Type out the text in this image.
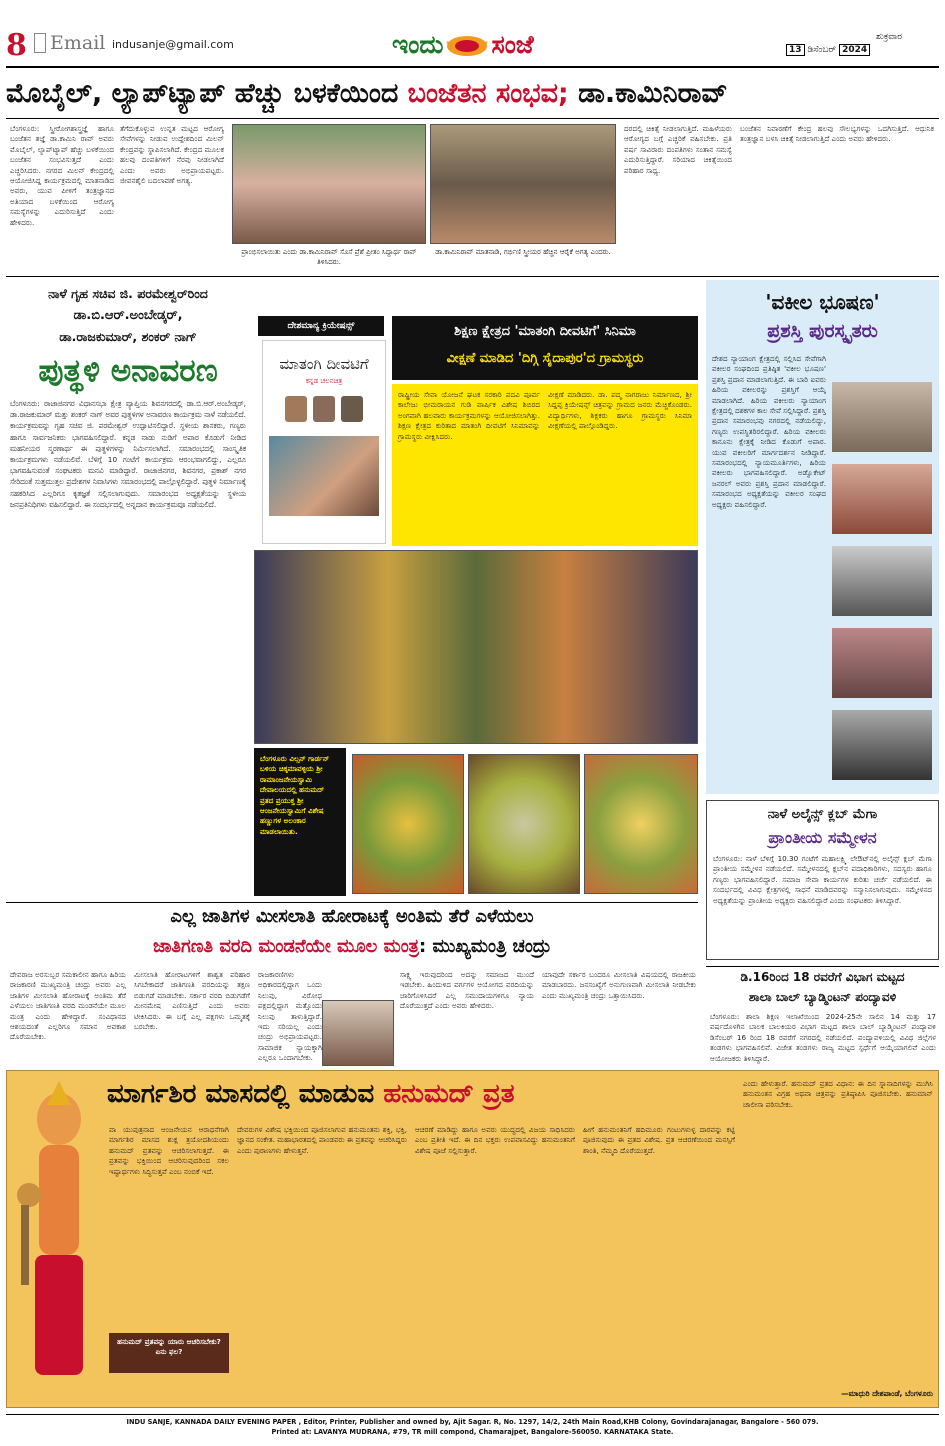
8 Email indusanje@gmail.com	ಇಂದು ಸಂಜೆ	ಶುಕ್ರವಾರ
13 ಡಿಸೆಂಬರ್ 2024
ಮೊಬೈಲ್, ಲ್ಯಾಪ್‌ಟ್ಯಾಪ್ ಹೆಚ್ಚು ಬಳಕೆಯಿಂದ ಬಂಜೆತನ ಸಂಭವ; ಡಾ.ಕಾಮಿನಿರಾವ್
ಬೆಂಗಳೂರು: ಸ್ತ್ರೀರೋಗಶಾಸ್ತ್ರಜ್ಞೆ ಹಾಗೂ ಬಂಜೆತನ ತಜ್ಞೆ ಡಾ.ಕಾಮಿನಿ ರಾವ್ ಅವರು ಮೊಬೈಲ್, ಲ್ಯಾಪ್‌ಟ್ಯಾಪ್ ಹೆಚ್ಚು ಬಳಕೆಯಿಂದ ಬಂಜೆತನ ಸಂಭವಿಸುತ್ತದೆ ಎಂದು ಎಚ್ಚರಿಸಿದರು. ನಗರದ ಮಿಲನ್ ಕೇಂದ್ರದಲ್ಲಿ ಆಯೋಜಿಸಿದ್ದ ಕಾರ್ಯಕ್ರಮದಲ್ಲಿ ಮಾತನಾಡಿದ ಅವರು, ಯುವ ಪೀಳಿಗೆ ತಂತ್ರಜ್ಞಾನದ ಅತಿಯಾದ ಬಳಕೆಯಿಂದ ಆರೋಗ್ಯ ಸಮಸ್ಯೆಗಳನ್ನು ಎದುರಿಸುತ್ತಿದೆ ಎಂದು ಹೇಳಿದರು.
ತೆಗೆದುಕೊಳ್ಳುವ ಉನ್ನತ ಮಟ್ಟದ ಆರೋಗ್ಯ ಸೇವೆಗಳನ್ನು ನೀಡುವ ಉದ್ದೇಶದಿಂದ ಮಿಲನ್ ಕೇಂದ್ರವನ್ನು ಸ್ಥಾಪಿಸಲಾಗಿದೆ. ಕೇಂದ್ರದ ಮೂಲಕ ಹಲವು ದಂಪತಿಗಳಿಗೆ ನೆರವು ನೀಡಲಾಗಿದೆ ಎಂದು ಅವರು ಅಭಿಪ್ರಾಯಪಟ್ಟರು. ಜೀವನಶೈಲಿ ಬದಲಾವಣೆ ಅಗತ್ಯ.
ಪ್ರಾಂಭಿಸಲಾಯಿತು ಎಂದು ಡಾ.ಕಾಮಿನಿರಾವ್ ಸೊಸೆ ಪ್ರೆಶೆ ಪ್ರೀತಂ ಸಿದ್ದಾರ್ಥ ರಾವ್ ತಿಳಿಸಿದರು.
ಡಾ.ಕಾಮಿನಿರಾವ್ ಮಾತನಾಡಿ, ಗರ್ಭಿಣಿ ಸ್ತ್ರೀಯರ ಹೆಚ್ಚಿನ ಆರೈಕೆ ಅಗತ್ಯ ಎಂದರು.
ದರದಲ್ಲಿ ಚಿಕಿತ್ಸೆ ನೀಡಲಾಗುತ್ತಿದೆ. ಮಹಿಳೆಯರು ಆರೋಗ್ಯದ ಬಗ್ಗೆ ಎಚ್ಚರಿಕೆ ವಹಿಸಬೇಕು. ಪ್ರತಿ ವರ್ಷ ಸಾವಿರಾರು ದಂಪತಿಗಳು ಸಂತಾನ ಸಮಸ್ಯೆ ಎದುರಿಸುತ್ತಿದ್ದಾರೆ. ಸರಿಯಾದ ಚಿಕಿತ್ಸೆಯಿಂದ ಪರಿಹಾರ ಸಾಧ್ಯ.
ಬಂಜೆತನ ನಿವಾರಣೆಗೆ ಕೇಂದ್ರ ಹಲವು ಸೌಲಭ್ಯಗಳನ್ನು ಒದಗಿಸುತ್ತಿದೆ. ಆಧುನಿಕ ತಂತ್ರಜ್ಞಾನ ಬಳಸಿ ಚಿಕಿತ್ಸೆ ನೀಡಲಾಗುತ್ತಿದೆ ಎಂದು ಅವರು ಹೇಳಿದರು.
ನಾಳೆ ಗೃಹ ಸಚಿವ ಜಿ. ಪರಮೇಶ್ವರ್‌ರಿಂದ
ಡಾ.ಬಿ.ಆರ್.ಅಂಬೇಡ್ಕರ್,
ಡಾ.ರಾಜಕುಮಾರ್, ಶಂಕರ್ ನಾಗ್
ಪುತ್ಥಳಿ ಅನಾವರಣ
ಬೆಂಗಳೂರು: ರಾಜಾಜಿನಗರ ವಿಧಾನಸಭಾ ಕ್ಷೇತ್ರ ವ್ಯಾಪ್ತಿಯ ಶಿವನಗರದಲ್ಲಿ ಡಾ.ಬಿ.ಆರ್.ಅಂಬೇಡ್ಕರ್, ಡಾ.ರಾಜಕುಮಾರ್ ಮತ್ತು ಶಂಕರ್ ನಾಗ್ ಅವರ ಪುತ್ಥಳಿಗಳ ಅನಾವರಣ ಕಾರ್ಯಕ್ರಮ ನಾಳೆ ನಡೆಯಲಿದೆ. ಕಾರ್ಯಕ್ರಮವನ್ನು ಗೃಹ ಸಚಿವ ಜಿ. ಪರಮೇಶ್ವರ್ ಉದ್ಘಾಟಿಸಲಿದ್ದಾರೆ. ಸ್ಥಳೀಯ ಶಾಸಕರು, ಗಣ್ಯರು ಹಾಗೂ ಸಾರ್ವಜನಿಕರು ಭಾಗವಹಿಸಲಿದ್ದಾರೆ. ಕನ್ನಡ ನಾಡು ನುಡಿಗೆ ಅಪಾರ ಕೊಡುಗೆ ನೀಡಿದ ಮಹನೀಯರ ಸ್ಮರಣಾರ್ಥ ಈ ಪುತ್ಥಳಿಗಳನ್ನು ನಿರ್ಮಿಸಲಾಗಿದೆ. ಸಮಾರಂಭದಲ್ಲಿ ಸಾಂಸ್ಕೃತಿಕ ಕಾರ್ಯಕ್ರಮಗಳು ನಡೆಯಲಿವೆ. ಬೆಳಿಗ್ಗೆ 10 ಗಂಟೆಗೆ ಕಾರ್ಯಕ್ರಮ ಆರಂಭವಾಗಲಿದ್ದು, ಎಲ್ಲರೂ ಭಾಗವಹಿಸುವಂತೆ ಸಂಘಟಕರು ಮನವಿ ಮಾಡಿದ್ದಾರೆ. ರಾಜಾಜಿನಗರ, ಶಿವನಗರ, ಪ್ರಕಾಶ್ ನಗರ ಸೇರಿದಂತೆ ಸುತ್ತಮುತ್ತಲ ಪ್ರದೇಶಗಳ ನಿವಾಸಿಗಳು ಸಮಾರಂಭದಲ್ಲಿ ಪಾಲ್ಗೊಳ್ಳಲಿದ್ದಾರೆ. ಪುತ್ಥಳಿ ನಿರ್ಮಾಣಕ್ಕೆ ಸಹಕರಿಸಿದ ಎಲ್ಲರಿಗೂ ಕೃತಜ್ಞತೆ ಸಲ್ಲಿಸಲಾಗುವುದು. ಸಮಾರಂಭದ ಅಧ್ಯಕ್ಷತೆಯನ್ನು ಸ್ಥಳೀಯ ಜನಪ್ರತಿನಿಧಿಗಳು ವಹಿಸಲಿದ್ದಾರೆ. ಈ ಸಂದರ್ಭದಲ್ಲಿ ಅನ್ನದಾನ ಕಾರ್ಯಕ್ರಮವೂ ನಡೆಯಲಿದೆ.
ದೇಶಮಾನ್ಯ ಕ್ರಿಯೇಷನ್ಸ್
ಮಾತಂಗಿ ದೀವಟಿಗೆ
ಕನ್ನಡ ಚಲನಚಿತ್ರ
ಶಿಕ್ಷಣ ಕ್ಷೇತ್ರದ 'ಮಾತಂಗಿ ದೀವಟಿಗೆ' ಸಿನಿಮಾ
ವೀಕ್ಷಣೆ ಮಾಡಿದ 'ದಿಗ್ಗಿ ಸೈದಾಪುರ'ದ ಗ್ರಾಮಸ್ಥರು
ರಾಷ್ಟ್ರೀಯ ಸೇವಾ ಯೋಜನೆ ಘಟಕ ಸರಕಾರಿ ಪದವಿ ಪೂರ್ವ ಕಾಲೇಜು ಭೀಮರಾಯನ ಗುಡಿ ವಾರ್ಷಿಕ ವಿಶೇಷ ಶಿಬಿರದ ಅಂಗವಾಗಿ ಹಲವಾರು ಕಾರ್ಯಕ್ರಮಗಳನ್ನು ಆಯೋಜಿಸಲಾಗಿತ್ತು. ಶಿಕ್ಷಣ ಕ್ಷೇತ್ರದ ಕುರಿತಾದ ಮಾತಂಗಿ ದೀವಟಿಗೆ ಸಿನಿಮಾವನ್ನು ಗ್ರಾಮಸ್ಥರು ವೀಕ್ಷಿಸಿದರು.
ವೀಕ್ಷಣೆ ಮಾಡಿದರು. ಡಾ. ಪದ್ಮ ನಾಗರಾಜು ನಿರ್ಮಾಣದ, ಶ್ರೀ ಸಿದ್ದಪ್ಪ ಕ್ರಿಯೇಷನ್ಸ್ ಚಿತ್ರವನ್ನು ಗ್ರಾಮದ ಜನರು ಮೆಚ್ಚಿಕೊಂಡರು. ವಿದ್ಯಾರ್ಥಿಗಳು, ಶಿಕ್ಷಕರು ಹಾಗೂ ಗ್ರಾಮಸ್ಥರು ಸಿನಿಮಾ ವೀಕ್ಷಣೆಯಲ್ಲಿ ಪಾಲ್ಗೊಂಡಿದ್ದರು.
'ವಕೀಲ ಭೂಷಣ'
ಪ್ರಶಸ್ತಿ ಪುರಸ್ಕೃತರು
ದೇಶದ ನ್ಯಾಯಾಂಗ ಕ್ಷೇತ್ರದಲ್ಲಿ ಸಲ್ಲಿಸಿದ ಸೇವೆಗಾಗಿ ವಕೀಲರ ಸಂಘದಿಂದ ಪ್ರತಿಷ್ಠಿತ 'ವಕೀಲ ಭೂಷಣ' ಪ್ರಶಸ್ತಿ ಪ್ರದಾನ ಮಾಡಲಾಗುತ್ತಿದೆ. ಈ ಬಾರಿ ಐವರು ಹಿರಿಯ ವಕೀಲರನ್ನು ಪ್ರಶಸ್ತಿಗೆ ಆಯ್ಕೆ ಮಾಡಲಾಗಿದೆ. ಹಿರಿಯ ವಕೀಲರು ನ್ಯಾಯಾಂಗ ಕ್ಷೇತ್ರದಲ್ಲಿ ದಶಕಗಳ ಕಾಲ ಸೇವೆ ಸಲ್ಲಿಸಿದ್ದಾರೆ. ಪ್ರಶಸ್ತಿ ಪ್ರದಾನ ಸಮಾರಂಭವು ನಗರದಲ್ಲಿ ನಡೆಯಲಿದ್ದು, ಗಣ್ಯರು ಉಪಸ್ಥಿತರಿರಲಿದ್ದಾರೆ. ಹಿರಿಯ ವಕೀಲರು ಕಾನೂನು ಕ್ಷೇತ್ರಕ್ಕೆ ನೀಡಿದ ಕೊಡುಗೆ ಅಪಾರ. ಯುವ ವಕೀಲರಿಗೆ ಮಾರ್ಗದರ್ಶನ ನೀಡಿದ್ದಾರೆ. ಸಮಾರಂಭದಲ್ಲಿ ನ್ಯಾಯಮೂರ್ತಿಗಳು, ಹಿರಿಯ ವಕೀಲರು ಭಾಗವಹಿಸಲಿದ್ದಾರೆ. ಅಡ್ವೊಕೇಟ್ ಜನರಲ್ ಅವರು ಪ್ರಶಸ್ತಿ ಪ್ರದಾನ ಮಾಡಲಿದ್ದಾರೆ. ಸಮಾರಂಭದ ಅಧ್ಯಕ್ಷತೆಯನ್ನು ವಕೀಲರ ಸಂಘದ ಅಧ್ಯಕ್ಷರು ವಹಿಸಲಿದ್ದಾರೆ.
ಬೆಂಗಳೂರು ವಿಲ್ಸನ್ ಗಾರ್ಡನ್ ಬಳಿಯ ಚಿಕ್ಕಮಾವಳ್ಳಿಯ ಶ್ರೀ ರಾಮಾಂಜನೇಯಸ್ವಾಮಿ ದೇವಾಲಯದಲ್ಲಿ ಹನುಮದ್ ವ್ರತದ ಪ್ರಯುಕ್ತ ಶ್ರೀ ಆಂಜನೇಯಸ್ವಾಮಿಗೆ ವಿಶೇಷ ಹಣ್ಣುಗಳ ಅಲಂಕಾರ ಮಾಡಲಾಯಿತು.
ನಾಳೆ ಅಲೈನ್ಸ್ ಕ್ಲಬ್ ಮೆಗಾ
ಪ್ರಾಂತೀಯ ಸಮ್ಮೇಳನ
ಬೆಂಗಳೂರು: ನಾಳೆ ಬೆಳಿಗ್ಗೆ 10.30 ಗಂಟೆಗೆ ಮಹಾಲಕ್ಷ್ಮಿ ಲೇಔಟ್‌ನಲ್ಲಿ ಅಲೈನ್ಸ್ ಕ್ಲಬ್ ಮೆಗಾ ಪ್ರಾಂತೀಯ ಸಮ್ಮೇಳನ ನಡೆಯಲಿದೆ. ಸಮ್ಮೇಳನದಲ್ಲಿ ಕ್ಲಬ್‌ನ ಪದಾಧಿಕಾರಿಗಳು, ಸದಸ್ಯರು ಹಾಗೂ ಗಣ್ಯರು ಭಾಗವಹಿಸಲಿದ್ದಾರೆ. ಸಮಾಜ ಸೇವಾ ಕಾರ್ಯಗಳ ಕುರಿತು ಚರ್ಚೆ ನಡೆಯಲಿದೆ. ಈ ಸಂದರ್ಭದಲ್ಲಿ ವಿವಿಧ ಕ್ಷೇತ್ರಗಳಲ್ಲಿ ಸಾಧನೆ ಮಾಡಿದವರನ್ನು ಸನ್ಮಾನಿಸಲಾಗುವುದು. ಸಮ್ಮೇಳನದ ಅಧ್ಯಕ್ಷತೆಯನ್ನು ಪ್ರಾಂತೀಯ ಅಧ್ಯಕ್ಷರು ವಹಿಸಲಿದ್ದಾರೆ ಎಂದು ಸಂಘಟಕರು ತಿಳಿಸಿದ್ದಾರೆ.
ಎಲ್ಲ ಜಾತಿಗಳ ಮೀಸಲಾತಿ ಹೋರಾಟಕ್ಕೆ ಅಂತಿಮ ತೆರೆ ಎಳೆಯಲು
ಜಾತಿಗಣತಿ ವರದಿ ಮಂಡನೆಯೇ ಮೂಲ ಮಂತ್ರ: ಮುಖ್ಯಮಂತ್ರಿ ಚಂದ್ರು
ದೇವರಾಜ ಅರಸುಬ್ಬರ ಸಮಕಾಲೀನ ಹಾಗೂ ಹಿರಿಯ ರಾಜಕಾರಣಿ ಮುಖ್ಯಮಂತ್ರಿ ಚಂದ್ರು ಅವರು ಎಲ್ಲ ಜಾತಿಗಳ ಮೀಸಲಾತಿ ಹೋರಾಟಕ್ಕೆ ಅಂತಿಮ ತೆರೆ ಎಳೆಯಲು ಜಾತಿಗಣತಿ ವರದಿ ಮಂಡನೆಯೇ ಮೂಲ ಮಂತ್ರ ಎಂದು ಹೇಳಿದ್ದಾರೆ. ಸಂವಿಧಾನದ ಆಶಯದಂತೆ ಎಲ್ಲರಿಗೂ ಸಮಾನ ಅವಕಾಶ ದೊರೆಯಬೇಕು.
ಮೀಸಲಾತಿ ಹೋರಾಟಗಳಿಗೆ ಶಾಶ್ವತ ಪರಿಹಾರ ಸಿಗಬೇಕಾದರೆ ಜಾತಿಗಣತಿ ವರದಿಯನ್ನು ತಕ್ಷಣ ಬಿಡುಗಡೆ ಮಾಡಬೇಕು. ಸರ್ಕಾರ ವರದಿ ಬಿಡುಗಡೆಗೆ ಮೀನಮೇಷ ಎಣಿಸುತ್ತಿದೆ ಎಂದು ಅವರು ಟೀಕಿಸಿದರು. ಈ ಬಗ್ಗೆ ಎಲ್ಲ ಪಕ್ಷಗಳು ಒಮ್ಮತಕ್ಕೆ ಬರಬೇಕು.
ರಾಜಕಾರಣಿಗಳು ಅಧಿಕಾರದಲ್ಲಿದ್ದಾಗ ಒಂದು ನಿಲುವು, ವಿರೋಧ ಪಕ್ಷದಲ್ಲಿದ್ದಾಗ ಮತ್ತೊಂದು ನಿಲುವು ತಾಳುತ್ತಿದ್ದಾರೆ. ಇದು ಸರಿಯಲ್ಲ ಎಂದು ಚಂದ್ರು ಅಭಿಪ್ರಾಯಪಟ್ಟರು. ಸಾಮಾಜಿಕ ನ್ಯಾಯಕ್ಕಾಗಿ ಎಲ್ಲರೂ ಒಂದಾಗಬೇಕು.
ಸಾಕ್ಷ್ಯ ಇರುವುದರಿಂದ ಅದನ್ನು ಸಮಾಜದ ಮುಂದೆ ಇಡಬೇಕು. ಹಿಂದುಳಿದ ವರ್ಗಗಳ ಆಯೋಗದ ವರದಿಯನ್ನು ಜಾರಿಗೊಳಿಸಿದರೆ ಎಲ್ಲ ಸಮುದಾಯಗಳಿಗೂ ನ್ಯಾಯ ದೊರೆಯುತ್ತದೆ ಎಂದು ಅವರು ಹೇಳಿದರು.
ಯಾವುದೇ ಸರ್ಕಾರ ಬಂದರೂ ಮೀಸಲಾತಿ ವಿಷಯದಲ್ಲಿ ರಾಜಕೀಯ ಮಾಡಬಾರದು. ಜನಸಂಖ್ಯೆಗೆ ಅನುಗುಣವಾಗಿ ಮೀಸಲಾತಿ ನೀಡಬೇಕು ಎಂದು ಮುಖ್ಯಮಂತ್ರಿ ಚಂದ್ರು ಒತ್ತಾಯಿಸಿದರು.
ಡಿ.16ರಿಂದ 18 ರವರೆಗೆ ವಿಭಾಗ ಮಟ್ಟದ
ಶಾಲಾ ಬಾಲ್ ಬ್ಯಾಡ್ಮಿಂಟನ್ ಪಂದ್ಯಾವಳಿ
ಬೆಂಗಳೂರು: ಶಾಲಾ ಶಿಕ್ಷಣ ಇಲಾಖೆಯಿಂದ 2024-25ನೇ ಸಾಲಿನ 14 ಮತ್ತು 17 ವರ್ಷದೊಳಗಿನ ಬಾಲಕ ಬಾಲಕಿಯರ ವಿಭಾಗ ಮಟ್ಟದ ಶಾಲಾ ಬಾಲ್ ಬ್ಯಾಡ್ಮಿಂಟನ್ ಪಂದ್ಯಾವಳಿ ಡಿಸೆಂಬರ್ 16 ರಿಂದ 18 ರವರೆಗೆ ನಗರದಲ್ಲಿ ನಡೆಯಲಿದೆ. ಪಂದ್ಯಾವಳಿಯಲ್ಲಿ ವಿವಿಧ ಜಿಲ್ಲೆಗಳ ತಂಡಗಳು ಭಾಗವಹಿಸಲಿವೆ. ವಿಜೇತ ತಂಡಗಳು ರಾಜ್ಯ ಮಟ್ಟದ ಸ್ಪರ್ಧೆಗೆ ಆಯ್ಕೆಯಾಗಲಿವೆ ಎಂದು ಆಯೋಜಕರು ತಿಳಿಸಿದ್ದಾರೆ.
ಮಾರ್ಗಶಿರ ಮಾಸದಲ್ಲಿ ಮಾಡುವ ಹನುಮದ್ ವ್ರತ
ವಾ ಯುಪುತ್ರನಾದ ಆಂಜನೇಯನ ಆರಾಧನೆಗಾಗಿ ಮಾರ್ಗಶಿರ ಮಾಸದ ಶುಕ್ಲ ತ್ರಯೋದಶಿಯಂದು ಹನುಮದ್ ವ್ರತವನ್ನು ಆಚರಿಸಲಾಗುತ್ತದೆ. ಈ ವ್ರತವನ್ನು ಭಕ್ತಿಯಿಂದ ಆಚರಿಸುವುದರಿಂದ ಸಕಲ ಇಷ್ಟಾರ್ಥಗಳು ಸಿದ್ಧಿಸುತ್ತವೆ ಎಂಬ ನಂಬಿಕೆ ಇದೆ.
ಹನುಮದ್ ವ್ರತವನ್ನು ಯಾರು ಆಚರಿಸಬೇಕು? ಏನು ಫಲ?
ದೇವರುಗಳ ವಿಶೇಷ ಭಕ್ತಿಯಿಂದ ಪೂಜಿಸಲಾಗುವ ಹನುಮಂತನು ಶಕ್ತಿ, ಭಕ್ತಿ, ಜ್ಞಾನದ ಸಂಕೇತ. ಮಹಾಭಾರತದಲ್ಲಿ ಪಾಂಡವರು ಈ ವ್ರತವನ್ನು ಆಚರಿಸಿದ್ದರು ಎಂದು ಪುರಾಣಗಳು ಹೇಳುತ್ತವೆ.
ಆಚರಣೆ ಮಾಡಿದ್ದು ಹಾಗೂ ಅವರು ಯುದ್ಧದಲ್ಲಿ ವಿಜಯ ಸಾಧಿಸಿದರು ಎಂಬ ಪ್ರತೀತಿ ಇದೆ. ಈ ದಿನ ಭಕ್ತರು ಉಪವಾಸವಿದ್ದು ಹನುಮಂತನಿಗೆ ವಿಶೇಷ ಪೂಜೆ ಸಲ್ಲಿಸುತ್ತಾರೆ.
ಹೀಗೆ ಹನುಮಂತನಿಗೆ ಹದಿಮೂರು ಗಂಟುಗಳುಳ್ಳ ದಾರವನ್ನು ಕಟ್ಟಿ ಪೂಜಿಸುವುದು ಈ ವ್ರತದ ವಿಶೇಷ. ವ್ರತ ಆಚರಣೆಯಿಂದ ಮನಸ್ಸಿಗೆ ಶಾಂತಿ, ನೆಮ್ಮದಿ ದೊರೆಯುತ್ತದೆ.
ಎಂದು ಹೇಳುತ್ತಾರೆ. ಹನುಮದ್ ವ್ರತದ ವಿಧಾನ: ಈ ದಿನ ಸ್ನಾನಾದಿಗಳನ್ನು ಮುಗಿಸಿ ಹನುಮಂತನ ವಿಗ್ರಹ ಅಥವಾ ಚಿತ್ರವನ್ನು ಪ್ರತಿಷ್ಠಾಪಿಸಿ ಪೂಜಿಸಬೇಕು. ಹನುಮಾನ್ ಚಾಲೀಸಾ ಪಠಿಸಬೇಕು.
—ಮಾಧುರಿ ದೇಶಪಾಂಡೆ, ಬೆಂಗಳೂರು
INDU SANJE, KANNADA DAILY EVENING PAPER , Editor, Printer, Publisher and owned by, Ajit Sagar. R, No. 1297, 14/2, 24th Main Road,KHB Colony, Govindarajanagar, Bangalore - 560 079.
Printed at: LAVANYA MUDRANA, #79, TR mill compond, Chamarajpet, Bangalore-560050. KARNATAKA State.
